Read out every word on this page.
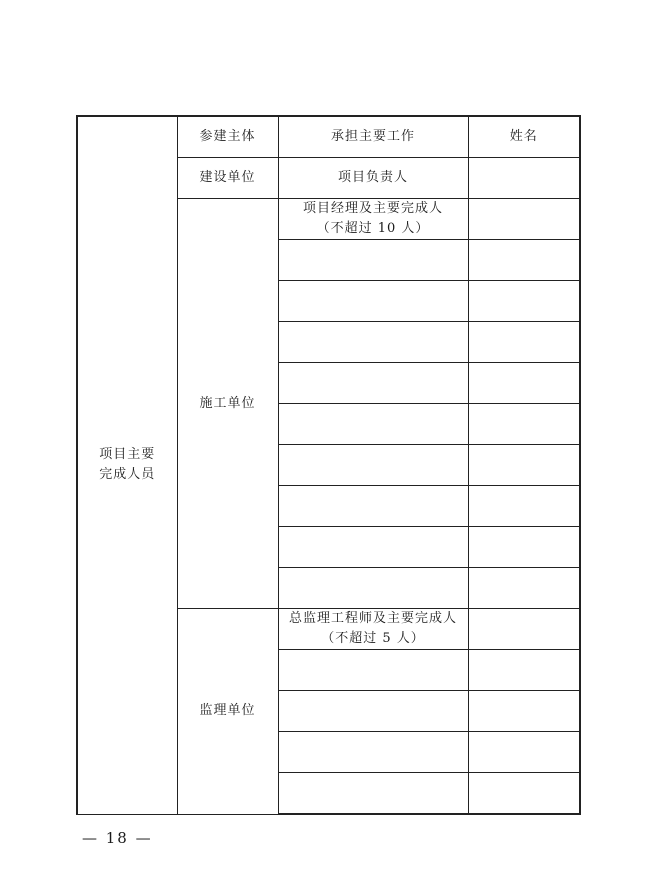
项目主要
完成人员	参建主体	承担主要工作	姓名

	建设单位	项目负责人	

	施工单位	项目经理及主要完成人
（不超过 10 人）	

	监理单位	总监理工程师及主要完成人
（不超过 5 人）	

— 18 —
